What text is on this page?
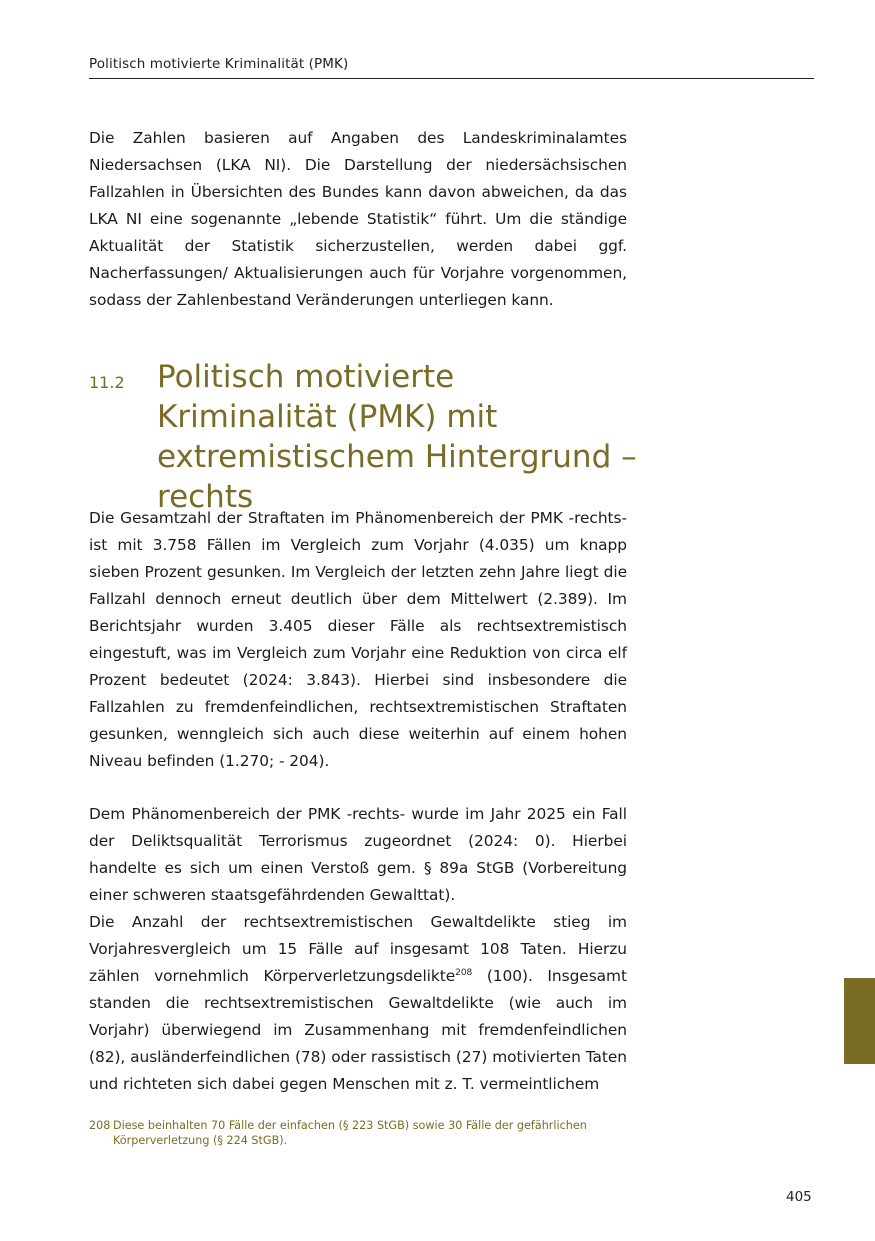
Politisch motivierte Kriminalität (PMK)

Die Zahlen basieren auf Angaben des Landeskriminalamtes Niedersachsen (LKA NI). Die Darstellung der niedersächsischen Fallzahlen in Übersichten des Bundes kann davon abweichen, da das LKA NI eine sogenannte „lebende Statistik“ führt. Um die ständige Aktualität der Statistik sicherzustellen, werden dabei ggf. Nacherfassungen/ Aktualisierungen auch für Vorjahre vorgenommen, sodass der Zahlenbestand Veränderungen unterliegen kann.

11.2 Politisch motivierte Kriminalität (PMK) mit extremistischem Hintergrund – rechts

Die Gesamtzahl der Straftaten im Phänomenbereich der PMK -rechts- ist mit 3.758 Fällen im Vergleich zum Vorjahr (4.035) um knapp sieben Prozent gesunken. Im Vergleich der letzten zehn Jahre liegt die Fallzahl dennoch erneut deutlich über dem Mittelwert (2.389). Im Berichtsjahr wurden 3.405 dieser Fälle als rechtsextremistisch eingestuft, was im Vergleich zum Vorjahr eine Reduktion von circa elf Prozent bedeutet (2024: 3.843). Hierbei sind insbesondere die Fallzahlen zu fremdenfeindlichen, rechtsextremistischen Straftaten gesunken, wenngleich sich auch diese weiterhin auf einem hohen Niveau befinden (1.270; - 204).

Dem Phänomenbereich der PMK -rechts- wurde im Jahr 2025 ein Fall der Deliktsqualität Terrorismus zugeordnet (2024: 0). Hierbei handelte es sich um einen Verstoß gem. § 89a StGB (Vorbereitung einer schweren staatsgefährdenden Gewalttat).

Die Anzahl der rechtsextremistischen Gewaltdelikte stieg im Vorjahresvergleich um 15 Fälle auf insgesamt 108 Taten. Hierzu zählen vornehmlich Körperverletzungsdelikte$^{208}$ (100). Insgesamt standen die rechtsextremistischen Gewaltdelikte (wie auch im Vorjahr) überwiegend im Zusammenhang mit fremdenfeindlichen (82), ausländerfeindlichen (78) oder rassistisch (27) motivierten Taten und richteten sich dabei gegen Menschen mit z. T. vermeintlichem

208 Diese beinhalten 70 Fälle der einfachen (§ 223 StGB) sowie 30 Fälle der gefährlichen Körperverletzung (§ 224 StGB).
405
